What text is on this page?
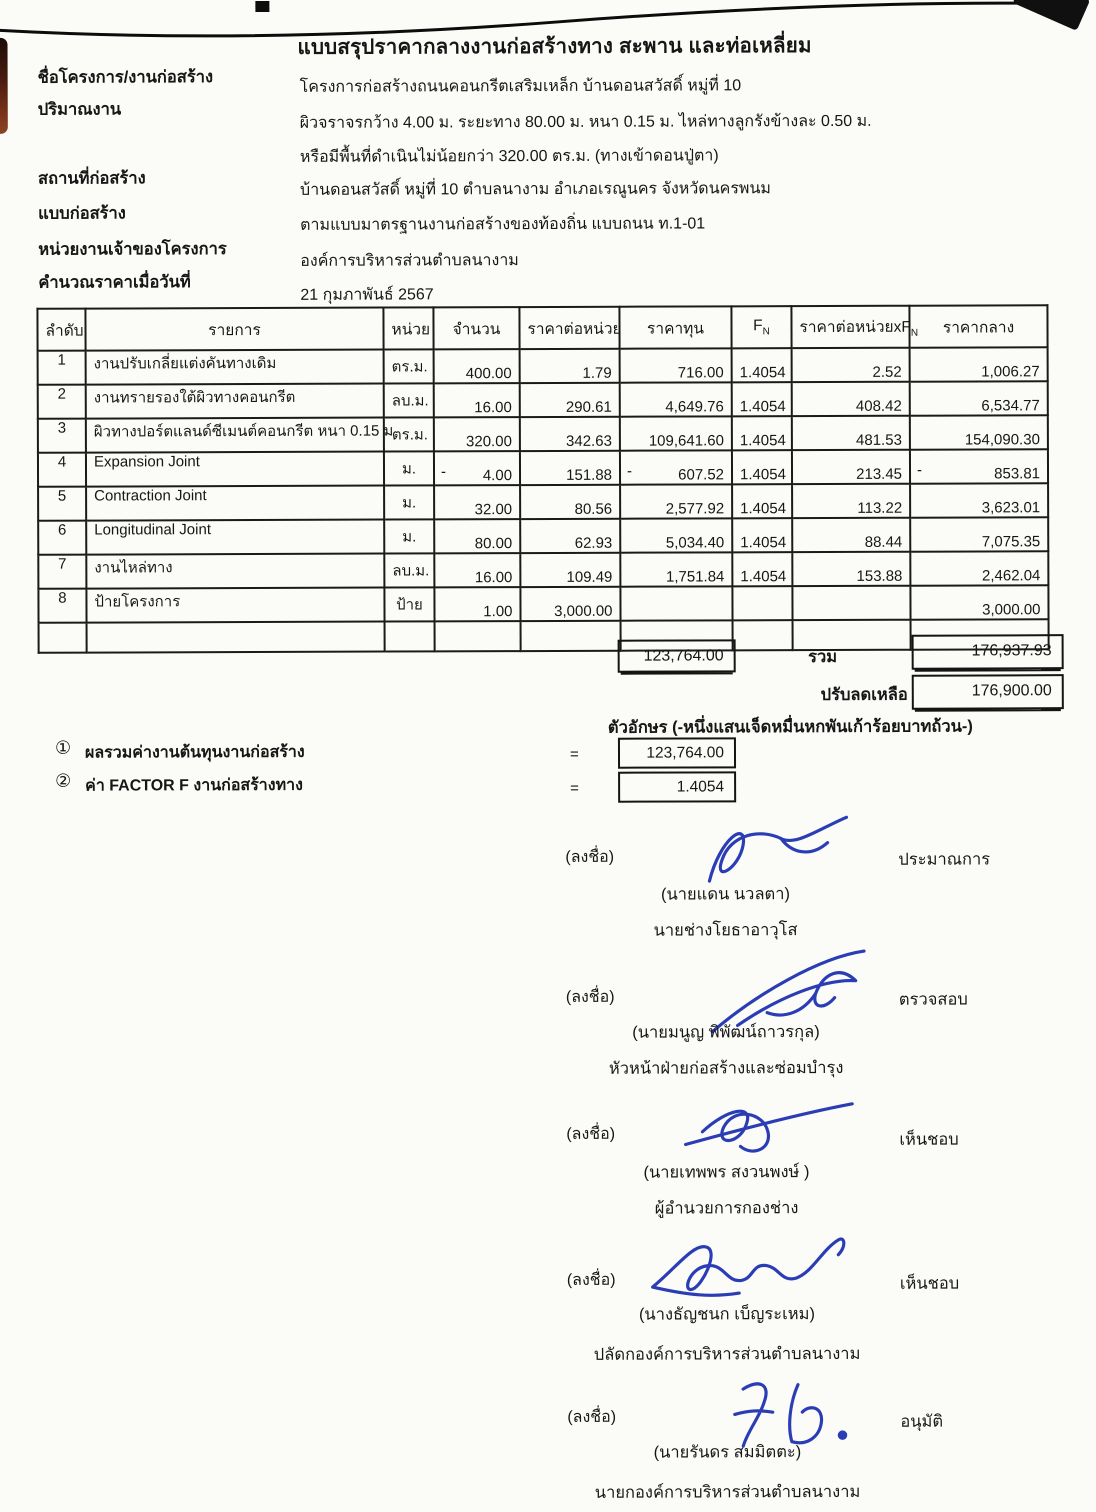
แบบสรุปราคากลางงานก่อสร้างทาง สะพาน และท่อเหลี่ยม
ชื่อโครงการ/งานก่อสร้าง	โครงการก่อสร้างถนนคอนกรีตเสริมเหล็ก บ้านดอนสวัสดิ์ หมู่ที่ 10
ปริมาณงาน
ผิวจราจรกว้าง 4.00 ม. ระยะทาง 80.00 ม. หนา 0.15 ม. ไหล่ทางลูกรังข้างละ 0.50 ม.
หรือมีพื้นที่ดำเนินไม่น้อยกว่า 320.00 ตร.ม. (ทางเข้าดอนปู่ตา)
สถานที่ก่อสร้าง
บ้านดอนสวัสดิ์ หมู่ที่ 10 ตำบลนางาม อำเภอเรณูนคร จังหวัดนครพนม
แบบก่อสร้าง
ตามแบบมาตรฐานงานก่อสร้างของท้องถิ่น แบบถนน ท.1-01
หน่วยงานเจ้าของโครงการ
องค์การบริหารส่วนตำบลนางาม
คำนวณราคาเมื่อวันที่
21 กุมภาพันธ์ 2567
ลำดับ	รายการ	หน่วย	จำนวน	ราคาต่อหน่วย	ราคาทุน	$F_N$	ราคาต่อหน่วย$xF_N$	ราคากลาง
1	งานปรับเกลี่ยแต่งคันทางเดิม	ตร.ม.	400.00	1.79	716.00	1.4054	2.52	1,006.27
2	งานทรายรองใต้ผิวทางคอนกรีต	ลบ.ม.	16.00	290.61	4,649.76	1.4054	408.42	6,534.77
3	ผิวทางปอร์ตแลนด์ซีเมนต์คอนกรีต หนา 0.15 ม	ตร.ม.	320.00	342.63	109,641.60	1.4054	481.53	154,090.30
4	Expansion Joint	ม.	- 4.00	151.88	- 607.52	1.4054	213.45	- 853.81
5	Contraction Joint	ม.	32.00	80.56	2,577.92	1.4054	113.22	3,623.01
6	Longitudinal Joint	ม.	80.00	62.93	5,034.40	1.4054	88.44	7,075.35
7	งานไหล่ทาง	ลบ.ม.	16.00	109.49	1,751.84	1.4054	153.88	2,462.04
8	ป้ายโครงการ	ป้าย	1.00	3,000.00				3,000.00

123,764.00	รวม	176,937.93
ปรับลดเหลือ	176,900.00
ตัวอักษร (-หนึ่งแสนเจ็ดหมื่นหกพันเก้าร้อยบาทถ้วน-)
① ผลรวมค่างานต้นทุนงานก่อสร้าง	=	123,764.00
② ค่า FACTOR F งานก่อสร้างทาง	=	1.4054
(ลงชื่อ)	ประมาณการ
(นายแดน นวลตา)
นายช่างโยธาอาวุโส
(ลงชื่อ)	ตรวจสอบ
(นายมนูญ พิพัฒน์ถาวรกุล)
หัวหน้าฝ่ายก่อสร้างและซ่อมบำรุง
(ลงชื่อ)	เห็นชอบ
(นายเทพพร สงวนพงษ์ )
ผู้อำนวยการกองช่าง
(ลงชื่อ)	เห็นชอบ
(นางธัญชนก เบ็ญระเหม)
ปลัดกองค์การบริหารส่วนตำบลนางาม
(ลงชื่อ)	อนุมัติ
(นายรันดร สมมิตตะ)
นายกองค์การบริหารส่วนตำบลนางาม
